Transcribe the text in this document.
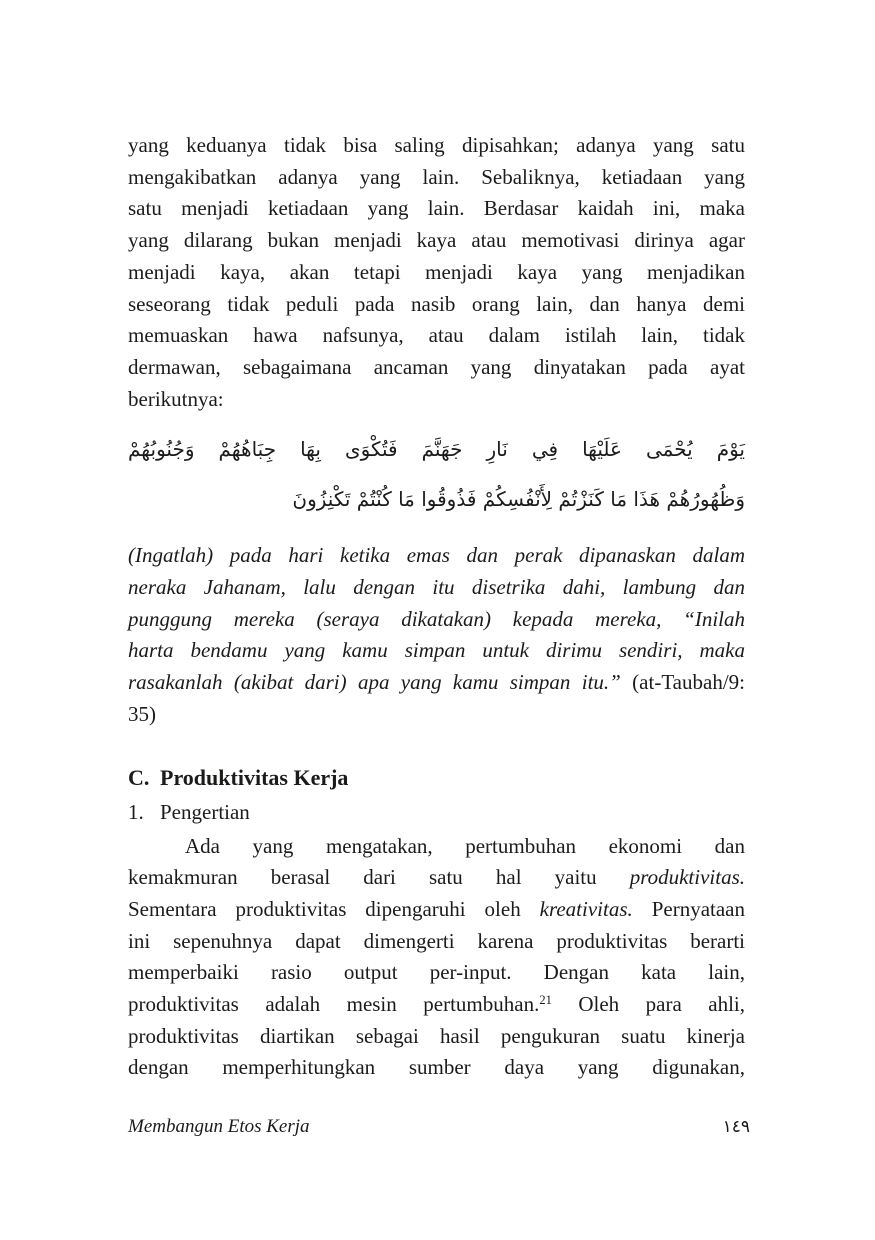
yang keduanya tidak bisa saling dipisahkan; adanya yang satu
mengakibatkan adanya yang lain. Sebaliknya, ketiadaan yang
satu menjadi ketiadaan yang lain. Berdasar kaidah ini, maka
yang dilarang bukan menjadi kaya atau memotivasi dirinya agar
menjadi kaya, akan tetapi menjadi kaya yang menjadikan
seseorang tidak peduli pada nasib orang lain, dan hanya demi
memuaskan hawa nafsunya, atau dalam istilah lain, tidak
dermawan, sebagaimana ancaman yang dinyatakan pada ayat
berikutnya:
يَوْمَ يُحْمَى عَلَيْهَا فِي نَارِ جَهَنَّمَ فَتُكْوَى بِهَا جِبَاهُهُمْ وَجُنُوبُهُمْ
وَظُهُورُهُمْ هَذَا مَا كَنَزْتُمْ لِأَنْفُسِكُمْ فَذُوقُوا مَا كُنْتُمْ تَكْنِزُونَ
(Ingatlah) pada hari ketika emas dan perak dipanaskan dalam
neraka Jahanam, lalu dengan itu disetrika dahi, lambung dan
punggung mereka (seraya dikatakan) kepada mereka, “Inilah
harta bendamu yang kamu simpan untuk dirimu sendiri, maka
rasakanlah (akibat dari) apa yang kamu simpan itu.” (at-Taubah/9:
35)
C. Produktivitas Kerja
1. Pengertian
Ada yang mengatakan, pertumbuhan ekonomi dan
kemakmuran berasal dari satu hal yaitu produktivitas.
Sementara produktivitas dipengaruhi oleh kreativitas. Pernyataan
ini sepenuhnya dapat dimengerti karena produktivitas berarti
memperbaiki rasio output per-input. Dengan kata lain,
produktivitas adalah mesin pertumbuhan.$^{21}$ Oleh para ahli,
produktivitas diartikan sebagai hasil pengukuran suatu kinerja
dengan memperhitungkan sumber daya yang digunakan,
Membangun Etos Kerja	١٤٩
